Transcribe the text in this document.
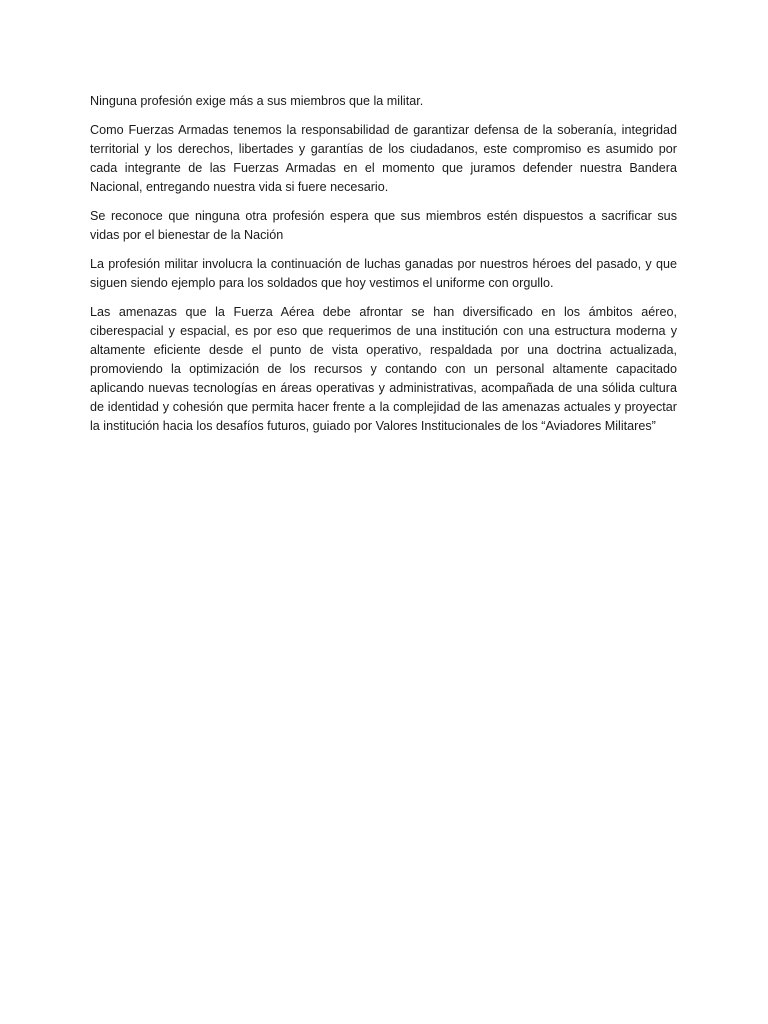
Ninguna profesión exige más a sus miembros que la militar.

Como Fuerzas Armadas tenemos la responsabilidad de garantizar defensa de la soberanía, integridad territorial y los derechos, libertades y garantías de los ciudadanos, este compromiso es asumido por cada integrante de las Fuerzas Armadas en el momento que juramos defender nuestra Bandera Nacional, entregando nuestra vida si fuere necesario.

Se reconoce que ninguna otra profesión espera que sus miembros estén dispuestos a sacrificar sus vidas por el bienestar de la Nación

La profesión militar involucra la continuación de luchas ganadas por nuestros héroes del pasado, y que siguen siendo ejemplo para los soldados que hoy vestimos el uniforme con orgullo.

Las amenazas que la Fuerza Aérea debe afrontar se han diversificado en los ámbitos aéreo, ciberespacial y espacial, es por eso que requerimos de una institución con una estructura moderna y altamente eficiente desde el punto de vista operativo, respaldada por una doctrina actualizada, promoviendo la optimización de los recursos y contando con un personal altamente capacitado aplicando nuevas tecnologías en áreas operativas y administrativas, acompañada de una sólida cultura de identidad y cohesión que permita hacer frente a la complejidad de las amenazas actuales y proyectar la institución hacia los desafíos futuros, guiado por Valores Institucionales de los “Aviadores Militares”
